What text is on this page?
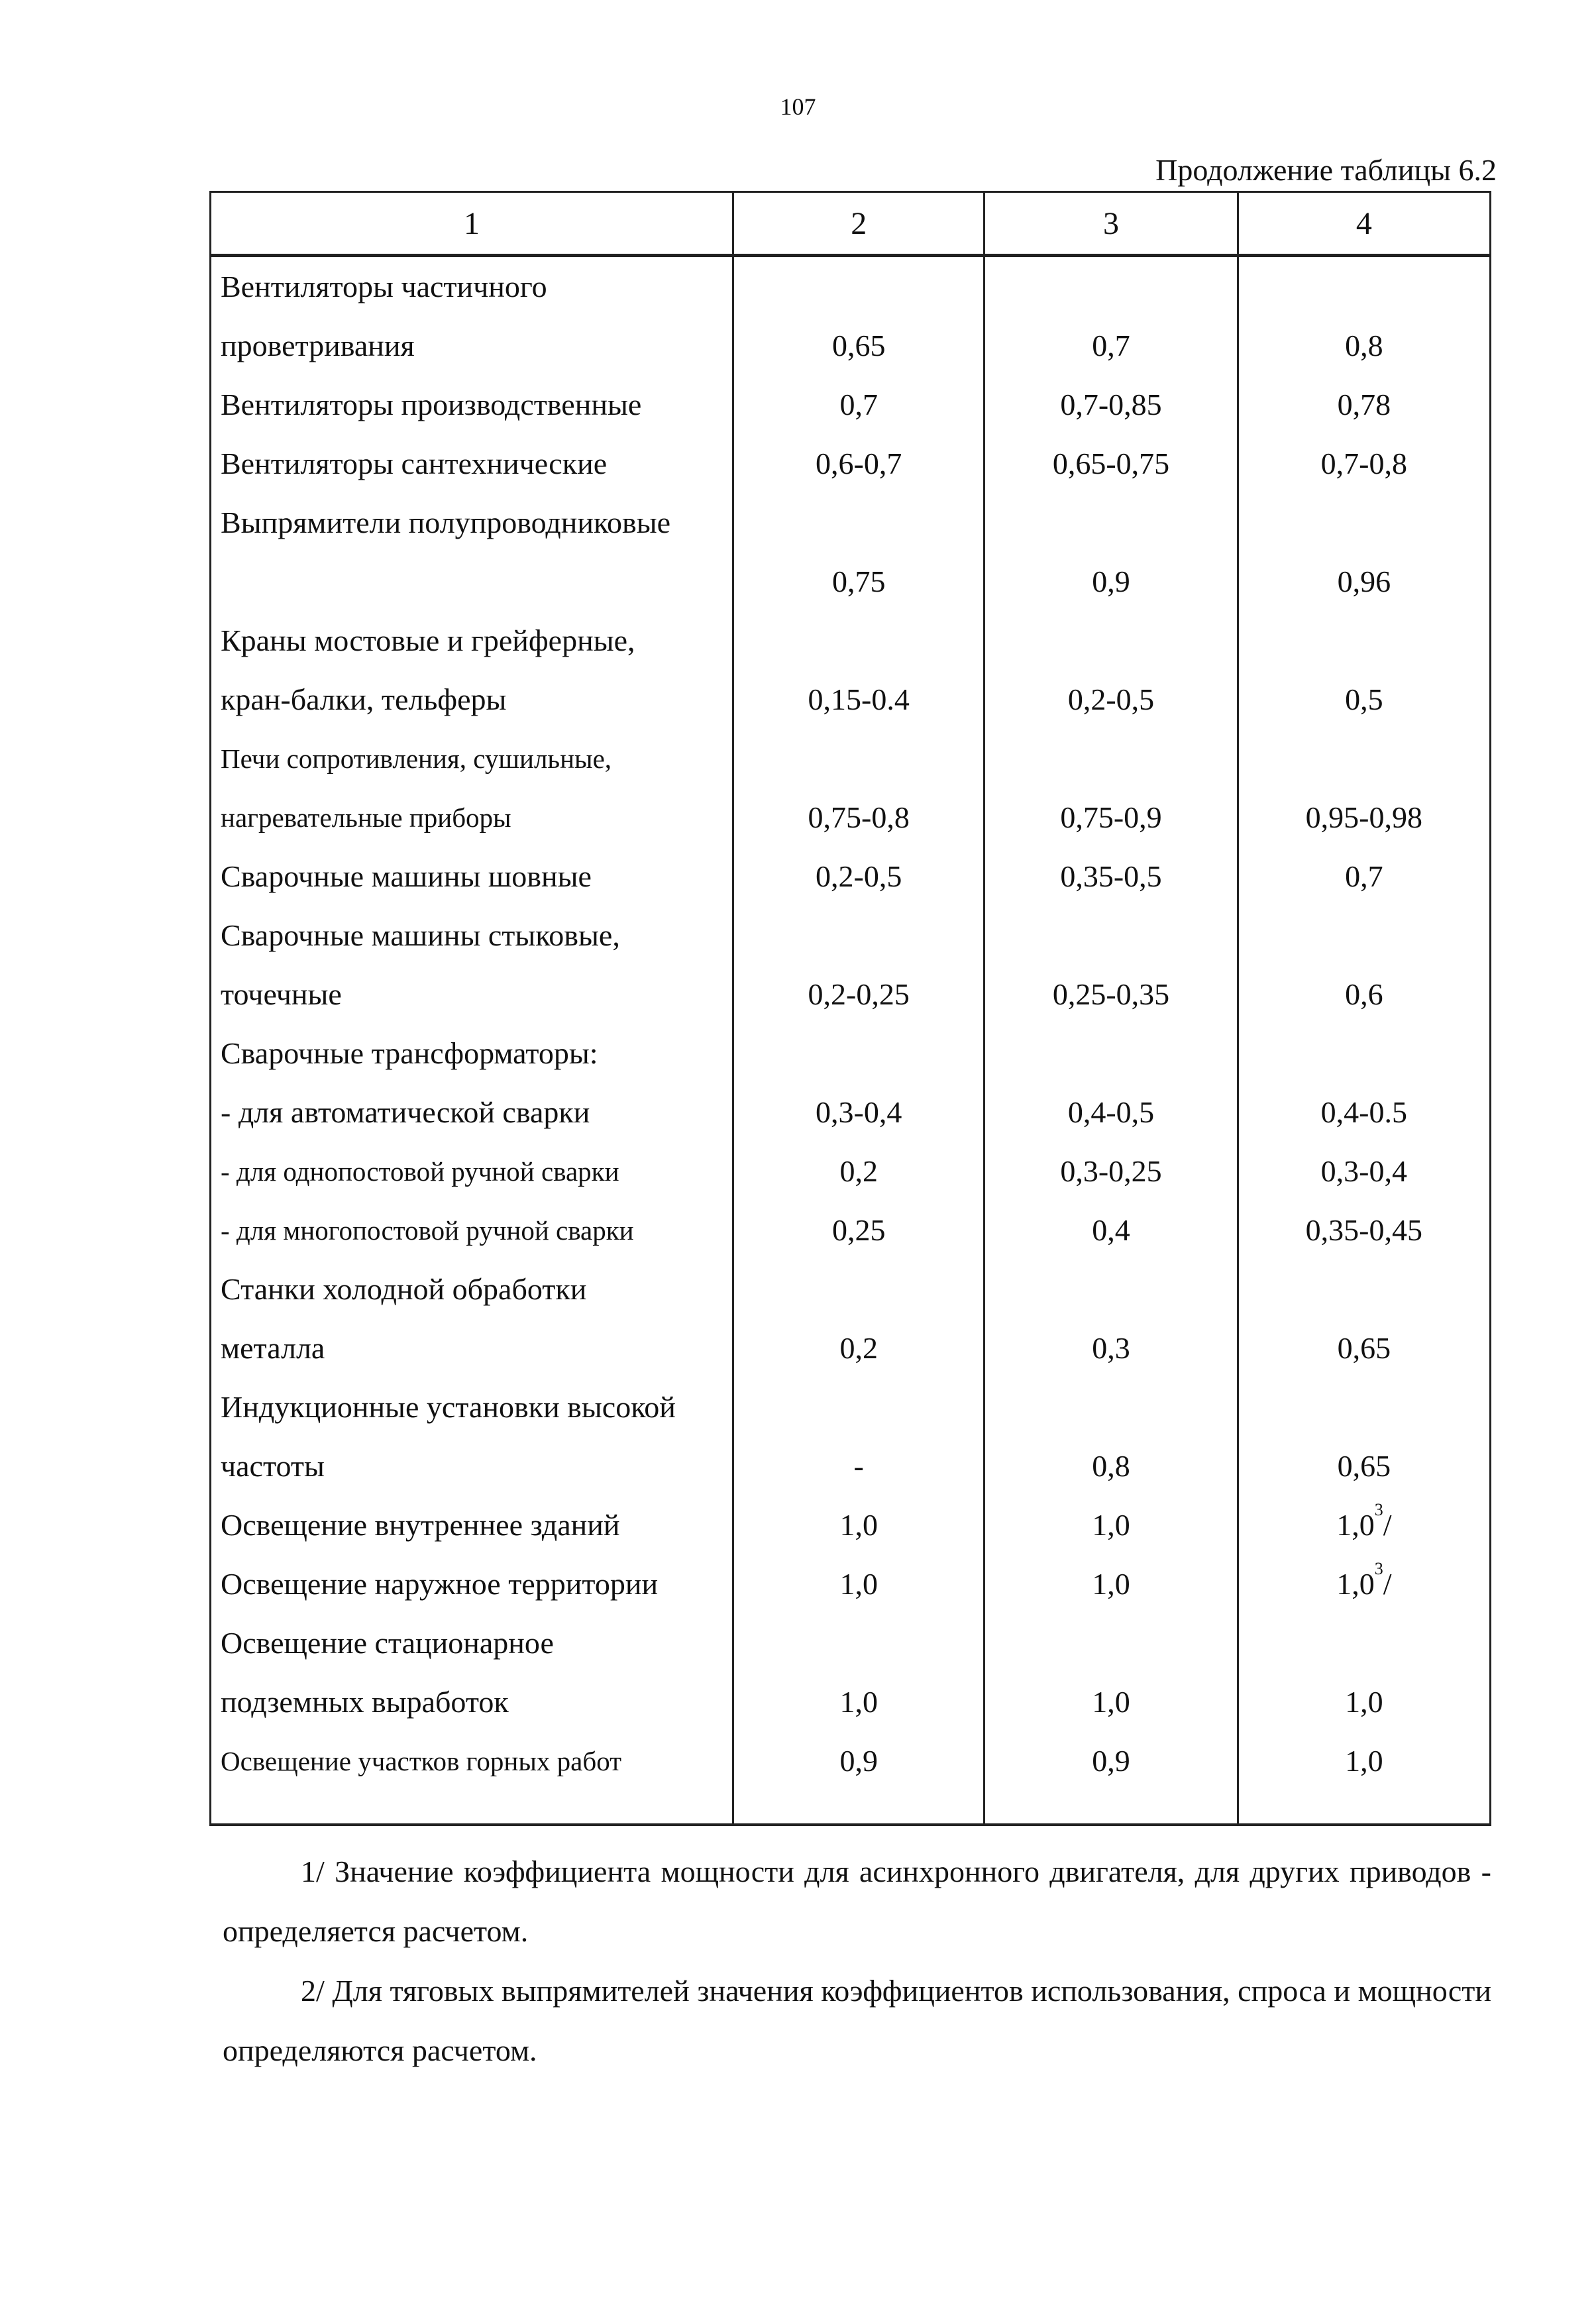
107
Продолжение таблицы 6.2
1	2	3	4
Вентиляторы частичного			
проветривания	0,65	0,7	0,8
Вентиляторы производственные	0,7	0,7-0,85	0,78
Вентиляторы сантехнические	0,6-0,7	0,65-0,75	0,7-0,8
Выпрямители полупроводниковые			
	0,75	0,9	0,96
Краны мостовые и грейферные,			
кран-балки, тельферы	0,15-0.4	0,2-0,5	0,5
Печи сопротивления, сушильные,			
нагревательные приборы	0,75-0,8	0,75-0,9	0,95-0,98
Сварочные машины шовные	0,2-0,5	0,35-0,5	0,7
Сварочные машины стыковые,			
точечные	0,2-0,25	0,25-0,35	0,6
Сварочные трансформаторы:			
- для автоматической сварки	0,3-0,4	0,4-0,5	0,4-0.5
- для однопостовой ручной сварки	0,2	0,3-0,25	0,3-0,4
- для многопостовой ручной сварки	0,25	0,4	0,35-0,45
Станки холодной обработки			
металла	0,2	0,3	0,65
Индукционные установки высокой			
частоты	-	0,8	0,65
Освещение внутреннее зданий	1,0	1,0	$1,0^3/$
Освещение наружное территории	1,0	1,0	$1,0^3/$
Освещение стационарное			
подземных выработок	1,0	1,0	1,0
Освещение участков горных работ	0,9	0,9	1,0

1/ Значение коэффициента мощности для асинхронного двигателя, для других приводов - определяется расчетом.

2/ Для тяговых выпрямителей значения коэффициентов использования, спроса и мощности определяются расчетом.
